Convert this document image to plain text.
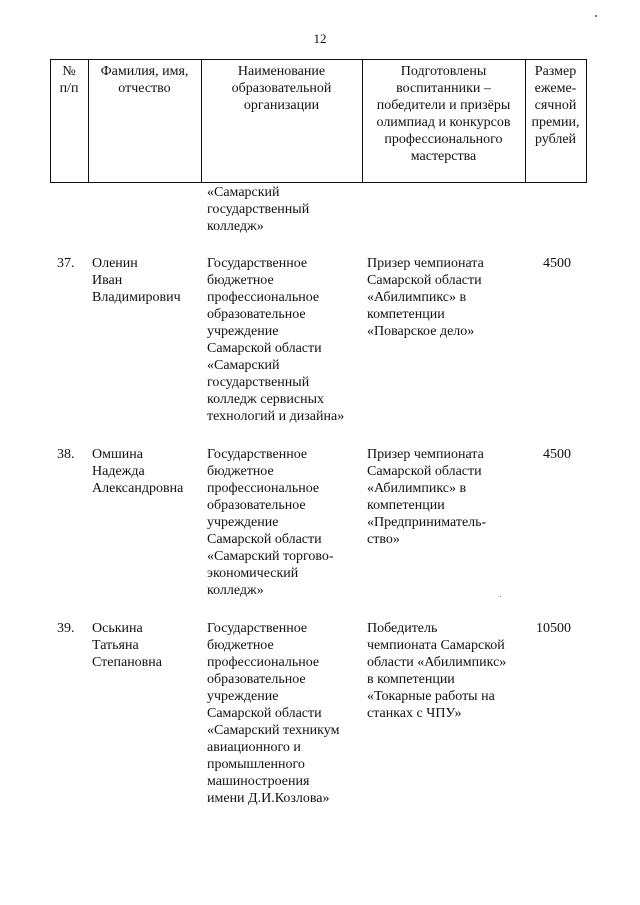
12
№
п/п
Фамилия, имя,
отчество
Наименование
образовательной
организации
Подготовлены
воспитанники –
победители и призёры
олимпиад и конкурсов
профессионального
мастерства
Размер
ежеме-
сячной
премии,
рублей
«Самарский
государственный
колледж»
37. Оленин
Иван
Владимирович
Государственное
бюджетное
профессиональное
образовательное
учреждение
Самарской области
«Самарский
государственный
колледж сервисных
технологий и дизайна»
Призер чемпионата
Самарской области
«Абилимпикс» в
компетенции
«Поварское дело»
4500
38. Омшина
Надежда
Александровна
Государственное
бюджетное
профессиональное
образовательное
учреждение
Самарской области
«Самарский торгово-
экономический
колледж»
Призер чемпионата
Самарской области
«Абилимпикс» в
компетенции
«Предприниматель-
ство»
4500
39. Оськина
Татьяна
Степановна
Государственное
бюджетное
профессиональное
образовательное
учреждение
Самарской области
«Самарский техникум
авиационного и
промышленного
машиностроения
имени Д.И.Козлова»
Победитель
чемпионата Самарской
области «Абилимпикс»
в компетенции
«Токарные работы на
станках с ЧПУ»
10500
